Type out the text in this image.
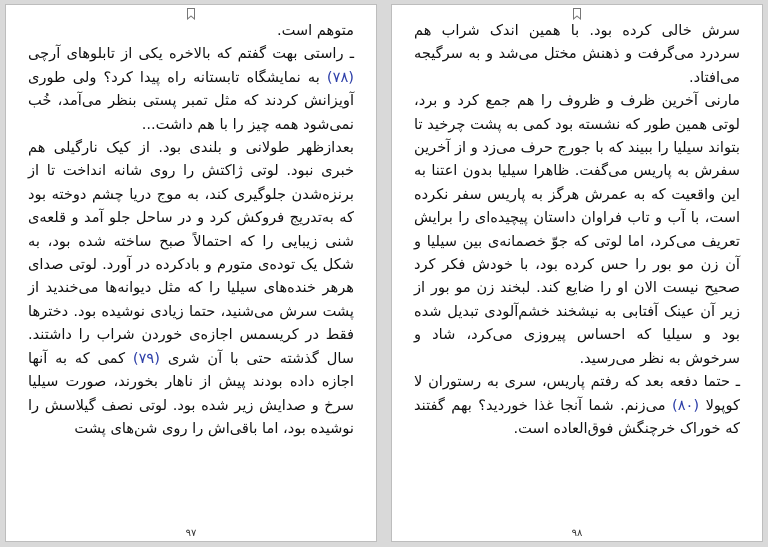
متوهم است.

ـ راستی بهت گفتم که بالاخره یکی از تابلوهای آرچی (۷۸) به نمایشگاه تابستانه راه پیدا کرد؟ ولی طوری آویزانش کردند که مثل تمبر پستی بنظر می‌آمد، خُب نمی‌شود همه چیز را با هم داشت...

بعدازظهر طولانی و بلندی بود. از کیک نارگیلی هم خبری نبود. لوتی ژاکتش را روی شانه انداخت تا از برنزه‌شدن جلوگیری کند، به موج دریا چشم دوخته بود که به‌تدریج فروکش کرد و در ساحل جلو آمد و قلعه‌ی شنی زیبایی را که احتمالاً صبح ساخته شده بود، به شکل یک توده‌ی متورم و بادکرده در آورد. لوتی صدای هرهر خنده‌های سیلیا را که مثل دیوانه‌ها می‌خندید از پشت سرش می‌شنید، حتما زیادی نوشیده بود. دخترها فقط در کریسمس اجازه‌ی خوردن شراب را داشتند. سال گذشته حتی با آن شری (۷۹) کمی که به آنها اجازه داده بودند پیش از ناهار بخورند، صورت سیلیا سرخ و صدایش زیر شده بود. لوتی نصف گیلاسش را نوشیده بود، اما باقی‌اش را روی شن‌های پشت

۹۷

سرش خالی کرده بود. با همین اندک شراب هم سردرد می‌گرفت و ذهنش مختل می‌شد و به سرگیجه می‌افتاد.

مارنی آخرین ظرف و ظروف را هم جمع کرد و برد، لوتی همین طور که نشسته بود کمی به پشت چرخید تا بتواند سیلیا را ببیند که با جورج حرف می‌زد و از آخرین سفرش به پاریس می‌گفت. ظاهرا سیلیا بدون اعتنا به این واقعیت که به عمرش هرگز به پاریس سفر نکرده است، با آب و تاب فراوان داستان پیچیده‌ای را برایش تعریف می‌کرد، اما لوتی که جوّ خصمانه‌ی بین سیلیا و آن زن مو بور را حس کرده بود، با خودش فکر کرد صحیح نیست الان او را ضایع کند. لبخند زن مو بور از زیر آن عینک آفتابی به نیشخند خشم‌آلودی تبدیل شده بود و سیلیا که احساس پیروزی می‌کرد، شاد و سرخوش به نظر می‌رسید.

ـ حتما دفعه بعد که رفتم پاریس، سری به رستوران لا کوپولا (۸۰) می‌زنم. شما آنجا غذا خوردید؟ بهم گفتند که خوراک خرچنگش فوق‌العاده است.

۹۸
